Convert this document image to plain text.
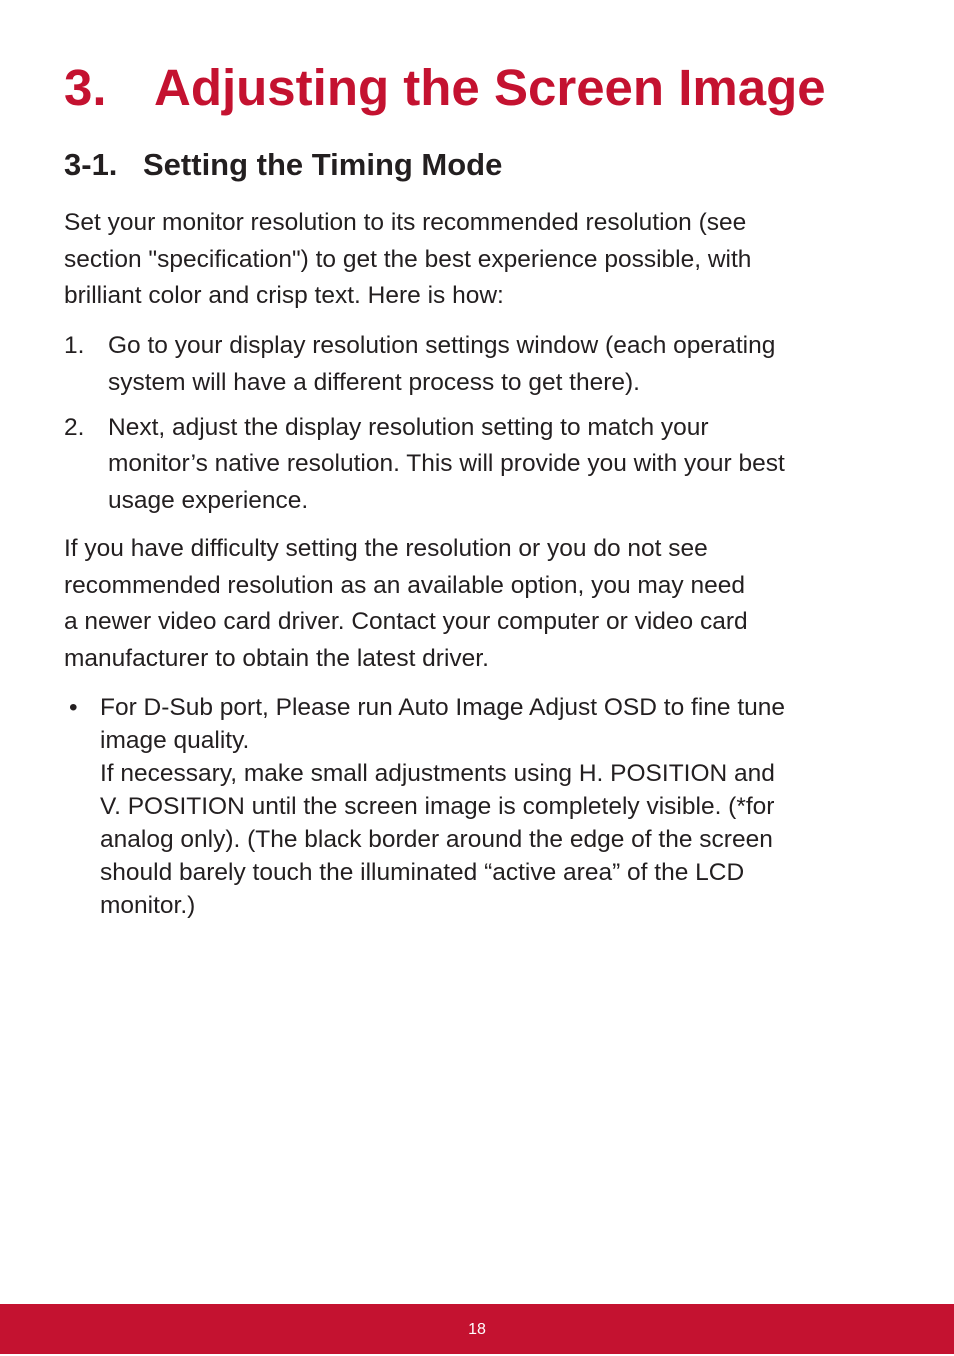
3. Adjusting the Screen Image
3-1. Setting the Timing Mode

Set your monitor resolution to its recommended resolution (see
section "specification") to get the best experience possible, with
brilliant color and crisp text. Here is how:

1. Go to your display resolution settings window (each operating
system will have a different process to get there).
2. Next, adjust the display resolution setting to match your
monitor’s native resolution. This will provide you with your best
usage experience.

If you have difficulty setting the resolution or you do not see
recommended resolution as an available option, you may need
a newer video card driver. Contact your computer or video card
manufacturer to obtain the latest driver.

• For D-Sub port, Please run Auto Image Adjust OSD to fine tune
image quality.
If necessary, make small adjustments using H. POSITION and
V. POSITION until the screen image is completely visible. (*for
analog only). (The black border around the edge of the screen
should barely touch the illuminated “active area” of the LCD
monitor.)
18
